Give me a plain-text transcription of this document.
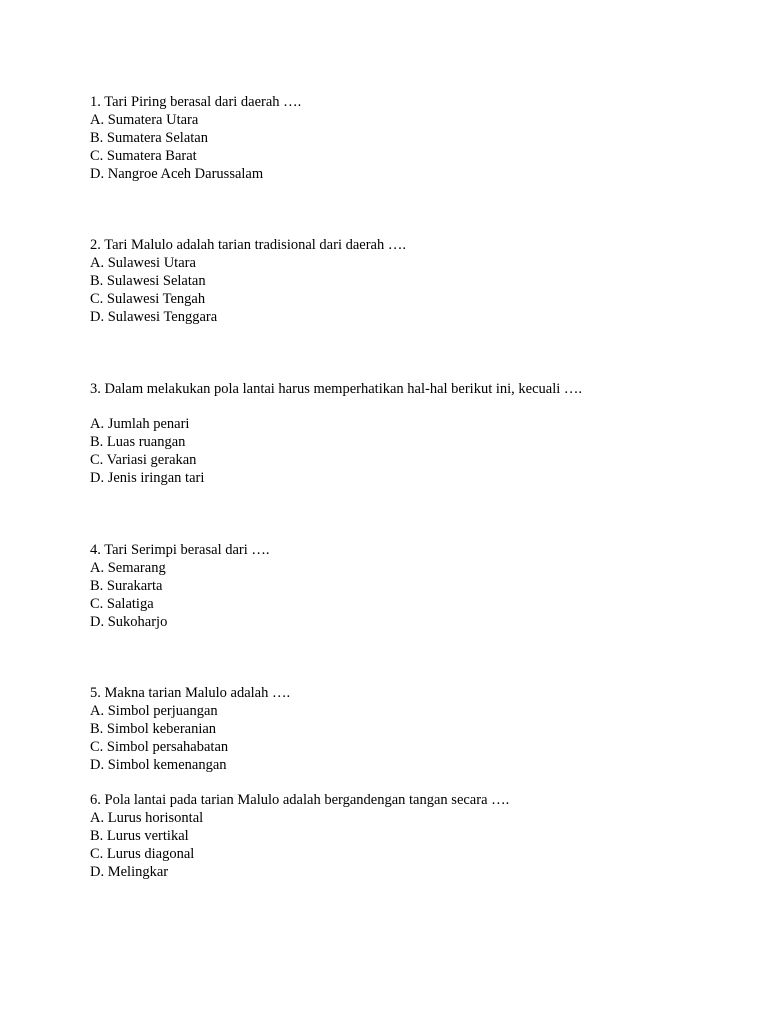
1. Tari Piring berasal dari daerah ….
A. Sumatera Utara
B. Sumatera Selatan
C. Sumatera Barat
D. Nangroe Aceh Darussalam
2. Tari Malulo adalah tarian tradisional dari daerah ….
A. Sulawesi Utara
B. Sulawesi Selatan
C. Sulawesi Tengah
D. Sulawesi Tenggara
3. Dalam melakukan pola lantai harus memperhatikan hal-hal berikut ini, kecuali ….
A. Jumlah penari
B. Luas ruangan
C. Variasi gerakan
D. Jenis iringan tari
4. Tari Serimpi berasal dari ….
A. Semarang
B. Surakarta
C. Salatiga
D. Sukoharjo
5. Makna tarian Malulo adalah ….
A. Simbol perjuangan
B. Simbol keberanian
C. Simbol persahabatan
D. Simbol kemenangan
6. Pola lantai pada tarian Malulo adalah bergandengan tangan secara ….
A. Lurus horisontal
B. Lurus vertikal
C. Lurus diagonal
D. Melingkar
